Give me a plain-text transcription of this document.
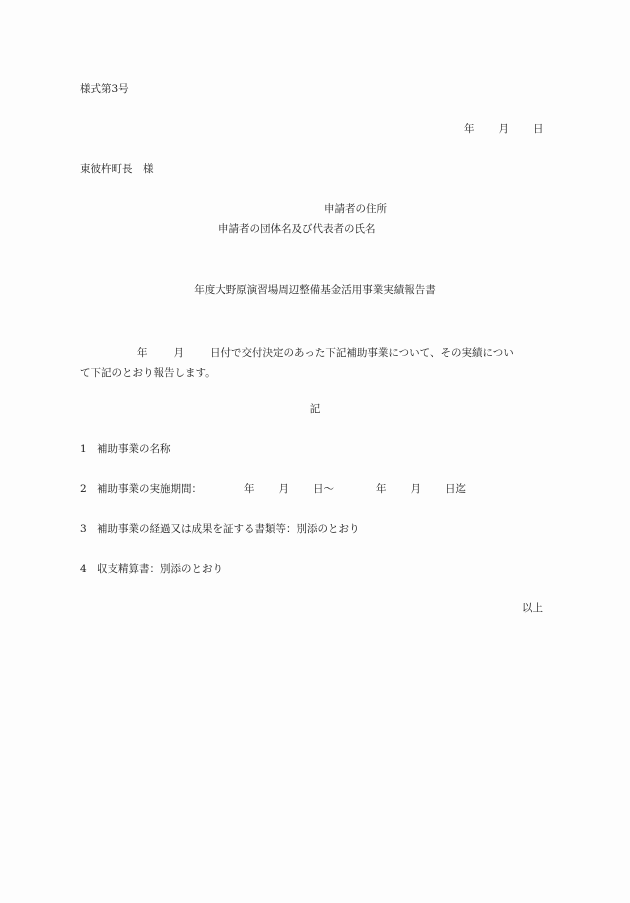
様式第3号
年 月 日
東彼杵町長　様
申請者の住所
申請者の団体名及び代表者の氏名
年度大野原演習場周辺整備基金活用事業実績報告書
年 月 日付で交付決定のあった下記補助事業について、その実績につい
て下記のとおり報告します。
記
1 補助事業の名称
2 補助事業の実施期間：	年 月 日～	年 月 日迄
3 補助事業の経過又は成果を証する書類等：別添のとおり
4 収支精算書：別添のとおり
以上
